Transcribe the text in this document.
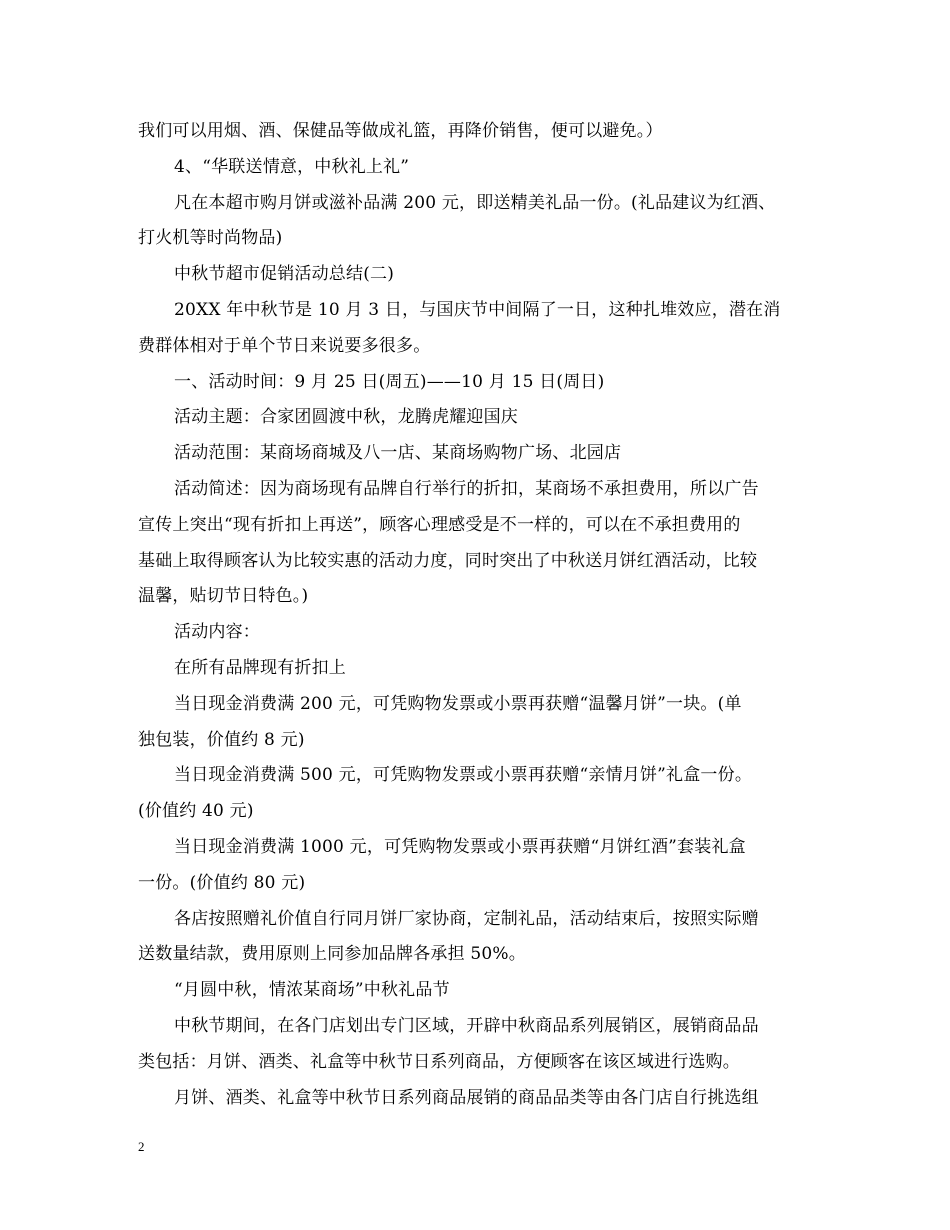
我们可以用烟、酒、保健品等做成礼篮，再降价销售，便可以避免。）
4、“华联送情意，中秋礼上礼”
凡在本超市购月饼或滋补品满 200 元，即送精美礼品一份。(礼品建议为红酒、
打火机等时尚物品)
中秋节超市促销活动总结(二)
20XX 年中秋节是 10 月 3 日，与国庆节中间隔了一日，这种扎堆效应，潜在消
费群体相对于单个节日来说要多很多。
一、活动时间：9 月 25 日(周五)——10 月 15 日(周日)
活动主题：合家团圆渡中秋，龙腾虎耀迎国庆
活动范围：某商场商城及八一店、某商场购物广场、北园店
活动简述：因为商场现有品牌自行举行的折扣，某商场不承担费用，所以广告
宣传上突出“现有折扣上再送”，顾客心理感受是不一样的，可以在不承担费用的
基础上取得顾客认为比较实惠的活动力度，同时突出了中秋送月饼红酒活动，比较
温馨，贴切节日特色。)
活动内容：
在所有品牌现有折扣上
当日现金消费满 200 元，可凭购物发票或小票再获赠“温馨月饼”一块。(单
独包装，价值约 8 元)
当日现金消费满 500 元，可凭购物发票或小票再获赠“亲情月饼”礼盒一份。
(价值约 40 元)
当日现金消费满 1000 元，可凭购物发票或小票再获赠“月饼红酒”套装礼盒
一份。(价值约 80 元)
各店按照赠礼价值自行同月饼厂家协商，定制礼品，活动结束后，按照实际赠
送数量结款，费用原则上同参加品牌各承担 50%。
“月圆中秋，情浓某商场”中秋礼品节
中秋节期间，在各门店划出专门区域，开辟中秋商品系列展销区，展销商品品
类包括：月饼、酒类、礼盒等中秋节日系列商品，方便顾客在该区域进行选购。
月饼、酒类、礼盒等中秋节日系列商品展销的商品品类等由各门店自行挑选组
2
